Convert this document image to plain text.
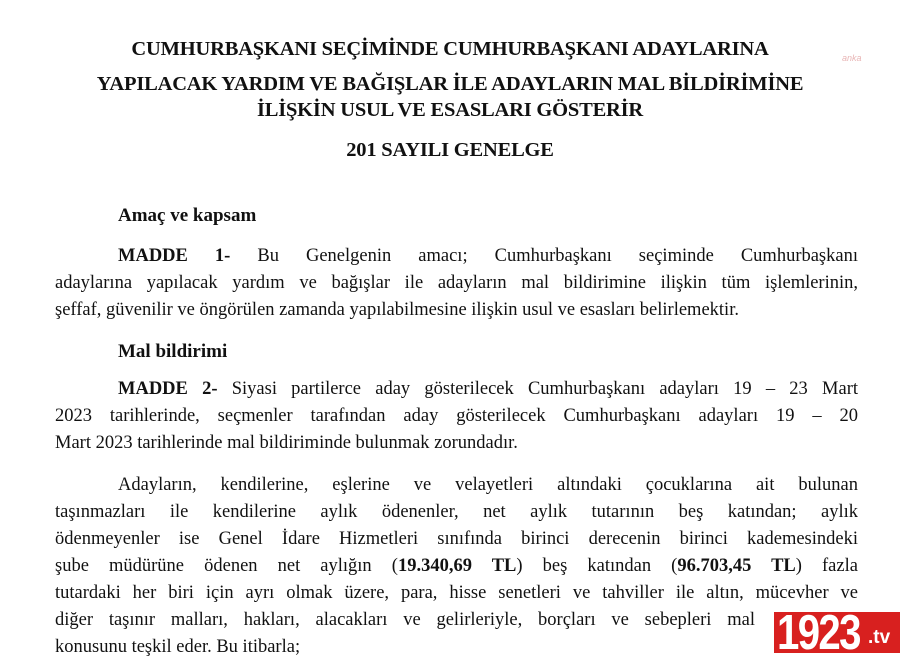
CUMHURBAŞKANI SEÇİMİNDE CUMHURBAŞKANI ADAYLARINA	anka
YAPILACAK YARDIM VE BAĞIŞLAR İLE ADAYLARIN MAL BİLDİRİMİNE
İLİŞKİN USUL VE ESASLARI GÖSTERİR
201 SAYILI GENELGE
Amaç ve kapsam
MADDE 1- Bu Genelgenin amacı; Cumhurbaşkanı seçiminde Cumhurbaşkanı
adaylarına yapılacak yardım ve bağışlar ile adayların mal bildirimine ilişkin tüm işlemlerinin,
şeffaf, güvenilir ve öngörülen zamanda yapılabilmesine ilişkin usul ve esasları belirlemektir.
Mal bildirimi
MADDE 2- Siyasi partilerce aday gösterilecek Cumhurbaşkanı adayları 19 – 23 Mart
2023 tarihlerinde, seçmenler tarafından aday gösterilecek Cumhurbaşkanı adayları 19 – 20
Mart 2023 tarihlerinde mal bildiriminde bulunmak zorundadır.
Adayların, kendilerine, eşlerine ve velayetleri altındaki çocuklarına ait bulunan
taşınmazları ile kendilerine aylık ödenenler, net aylık tutarının beş katından; aylık
ödenmeyenler ise Genel İdare Hizmetleri sınıfında birinci derecenin birinci kademesindeki
şube müdürüne ödenen net aylığın (19.340,69 TL) beş katından (96.703,45 TL) fazla
tutardaki her biri için ayrı olmak üzere, para, hisse senetleri ve tahviller ile altın, mücevher ve
diğer taşınır malları, hakları, alacakları ve gelirleriyle, borçları ve sebepleri mal
konusunu teşkil eder. Bu itibarla;	1923 .tv
